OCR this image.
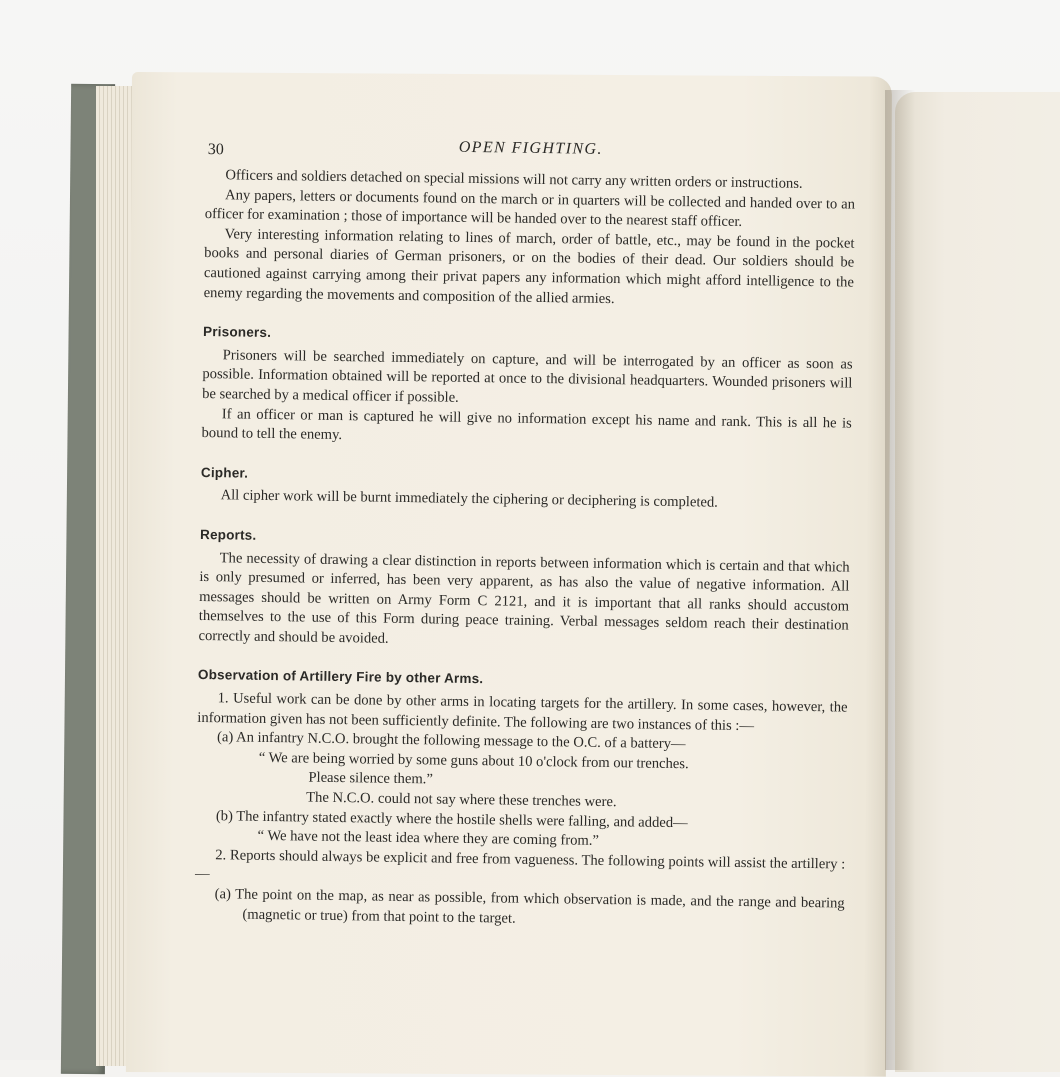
30	OPEN FIGHTING.

Officers and soldiers detached on special missions will not carry any written orders or instructions.

Any papers, letters or documents found on the march or in quarters will be collected and handed over to an officer for examination ; those of importance will be handed over to the nearest staff officer.

Very interesting information relating to lines of march, order of battle, etc., may be found in the pocket books and personal diaries of German prisoners, or on the bodies of their dead. Our soldiers should be cautioned against carrying among their privat papers any information which might afford intelligence to the enemy regarding the movements and composition of the allied armies.

Prisoners.

Prisoners will be searched immediately on capture, and will be interrogated by an officer as soon as possible. Information obtained will be reported at once to the divisional headquarters. Wounded prisoners will be searched by a medical officer if possible.

If an officer or man is captured he will give no information except his name and rank. This is all he is bound to tell the enemy.

Cipher.

All cipher work will be burnt immediately the ciphering or deciphering is completed.

Reports.

The necessity of drawing a clear distinction in reports between information which is certain and that which is only presumed or inferred, has been very apparent, as has also the value of negative information. All messages should be written on Army Form C 2121, and it is important that all ranks should accustom themselves to the use of this Form during peace training. Verbal messages seldom reach their destination correctly and should be avoided.

Observation of Artillery Fire by other Arms.

1. Useful work can be done by other arms in locating targets for the artillery. In some cases, however, the information given has not been sufficiently definite. The following are two instances of this :—

(a) An infantry N.C.O. brought the following message to the O.C. of a battery—

“ We are being worried by some guns about 10 o'clock from our trenches.

Please silence them.”

The N.C.O. could not say where these trenches were.

(b) The infantry stated exactly where the hostile shells were falling, and added—

“ We have not the least idea where they are coming from.”

2. Reports should always be explicit and free from vagueness. The following points will assist the artillery :—

(a) The point on the map, as near as possible, from which observation is made, and the range and bearing (magnetic or true) from that point to the target.
